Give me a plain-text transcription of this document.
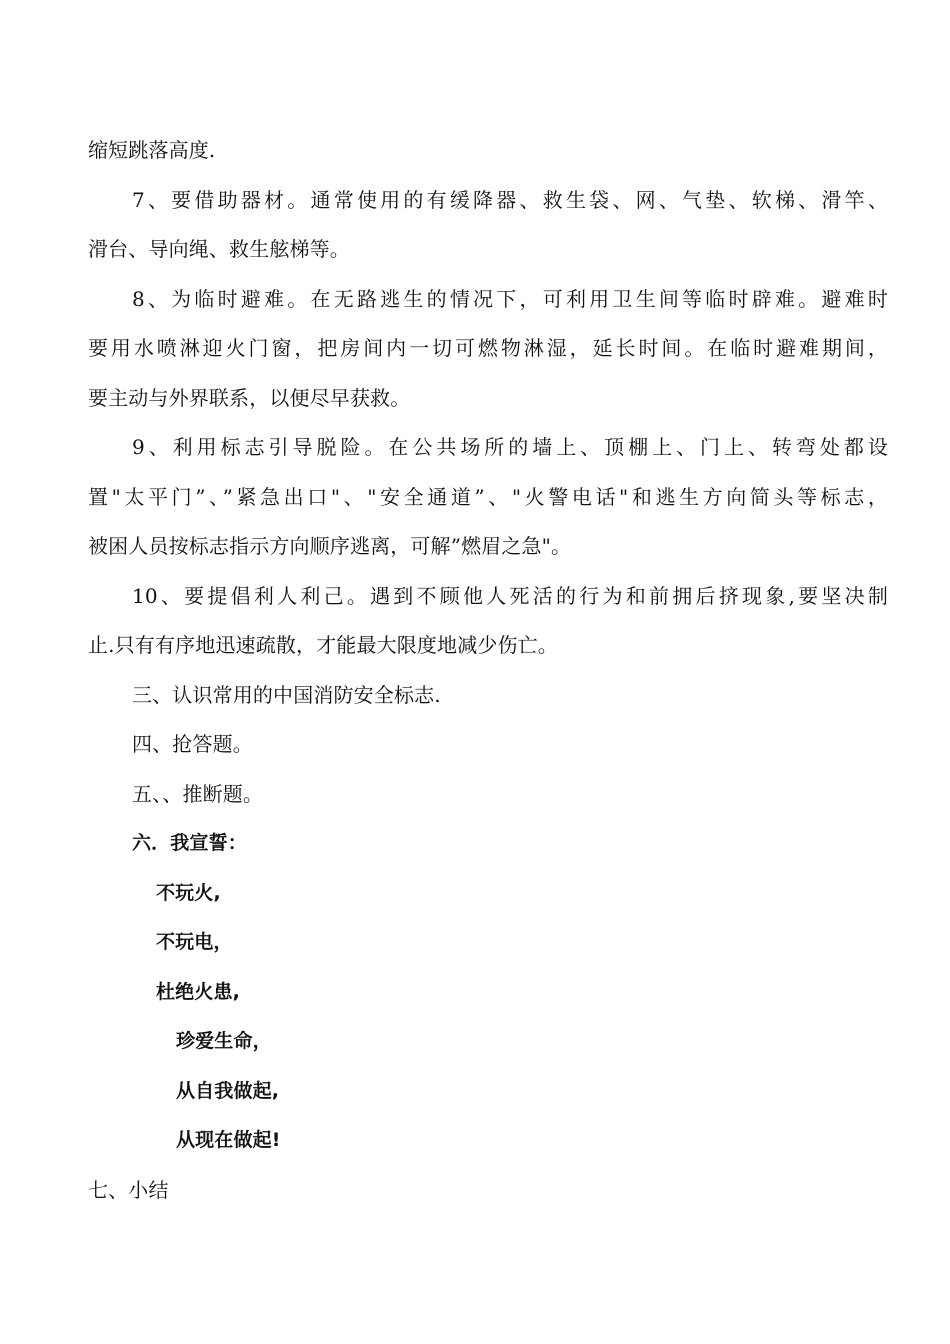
缩短跳落高度.
7、要借助器材。通常使用的有缓降器、救生袋、网、气垫、软梯、滑竿、
滑台、导向绳、救生舷梯等。
8、为临时避难。在无路逃生的情况下，可利用卫生间等临时辟难。避难时
要用水喷淋迎火门窗，把房间内一切可燃物淋湿，延长时间。在临时避难期间，
要主动与外界联系，以便尽早获救。
9、利用标志引导脱险。在公共场所的墙上、顶棚上、门上、转弯处都设
置"太平门”、”紧急出口"、"安全通道”、"火警电话"和逃生方向简头等标志，
被困人员按标志指示方向顺序逃离，可解”燃眉之急"。
10、要提倡利人利己。遇到不顾他人死活的行为和前拥后挤现象,要坚决制
止.只有有序地迅速疏散，才能最大限度地减少伤亡。
三、认识常用的中国消防安全标志.
四、抢答题。
五、、推断题。
六．我宣誓：
不玩火,
不玩电，
杜绝火患,
珍爱生命，
从自我做起,
从现在做起!
七、小结
